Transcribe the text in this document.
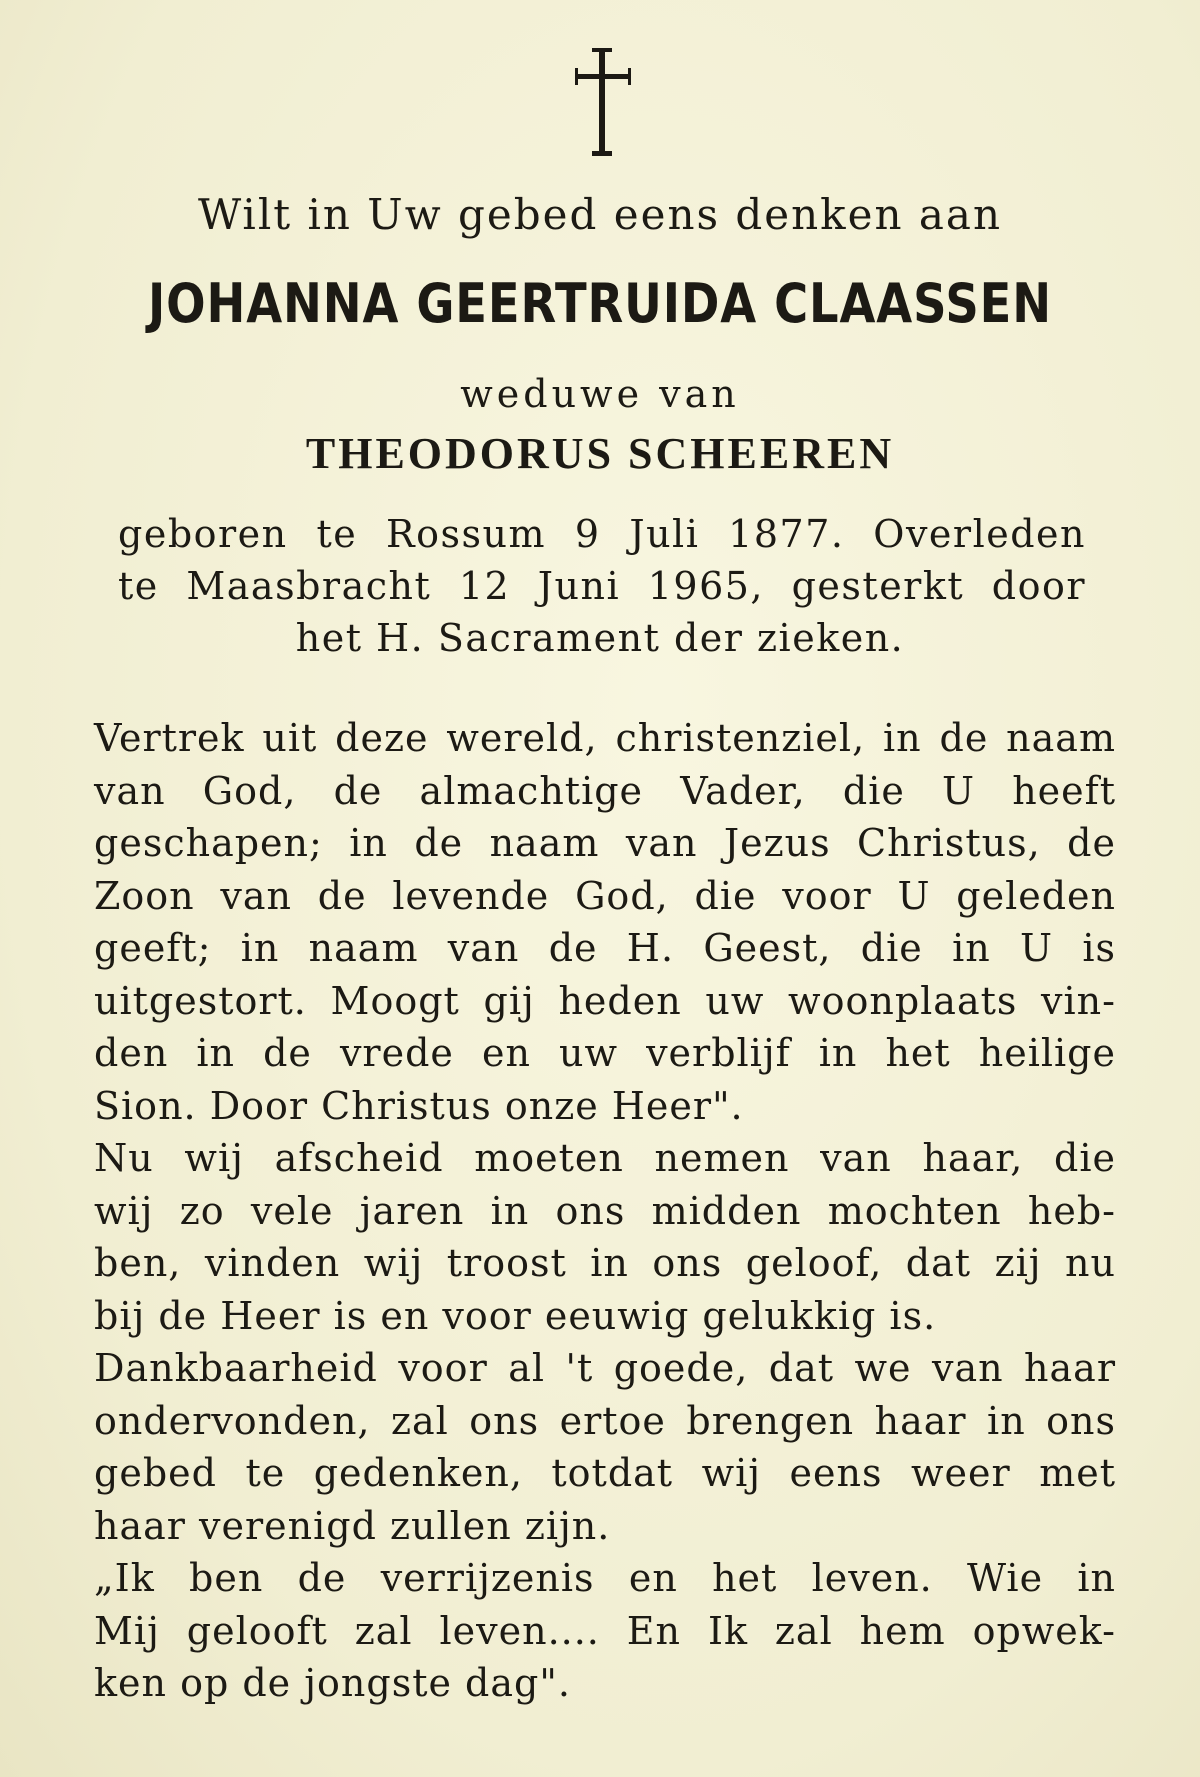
Wilt in Uw gebed eens denken aan
JOHANNA GEERTRUIDA CLAASSEN
weduwe van
THEODORUS SCHEEREN
geboren te Rossum 9 Juli 1877. Overleden
te Maasbracht 12 Juni 1965, gesterkt door
het H. Sacrament der zieken.
Vertrek uit deze wereld, christenziel, in de naam
van God, de almachtige Vader, die U heeft
geschapen; in de naam van Jezus Christus, de
Zoon van de levende God, die voor U geleden
geeft; in naam van de H. Geest, die in U is
uitgestort. Moogt gij heden uw woonplaats vin-
den in de vrede en uw verblijf in het heilige
Sion. Door Christus onze Heer".
Nu wij afscheid moeten nemen van haar, die
wij zo vele jaren in ons midden mochten heb-
ben, vinden wij troost in ons geloof, dat zij nu
bij de Heer is en voor eeuwig gelukkig is.
Dankbaarheid voor al 't goede, dat we van haar
ondervonden, zal ons ertoe brengen haar in ons
gebed te gedenken, totdat wij eens weer met
haar verenigd zullen zijn.
„Ik ben de verrijzenis en het leven. Wie in
Mij gelooft zal leven.... En Ik zal hem opwek-
ken op de jongste dag".
